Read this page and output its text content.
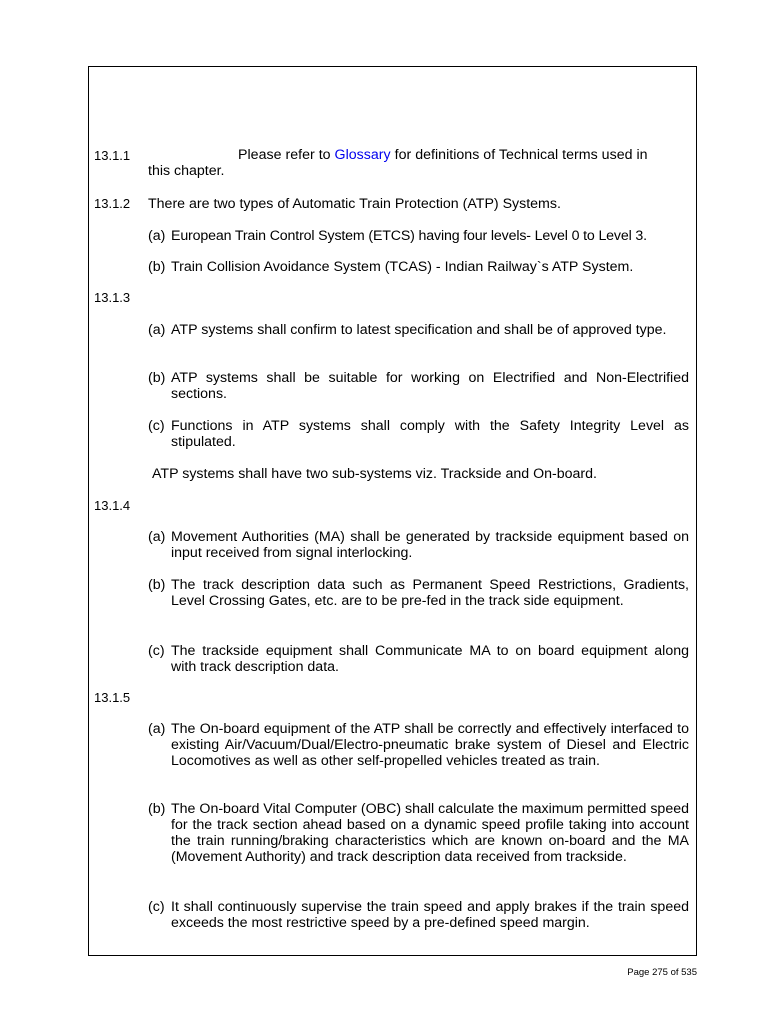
13.1.1	Please refer to Glossary for definitions of Technical terms used in
this chapter.
13.1.2 There are two types of Automatic Train Protection (ATP) Systems.
(a) European Train Control System (ETCS) having four levels- Level 0 to Level 3.
(b) Train Collision Avoidance System (TCAS) - Indian Railway`s ATP System.
13.1.3
(a) ATP systems shall confirm to latest specification and shall be of approved type.
(b) ATP systems shall be suitable for working on Electrified and Non-Electrified sections.
(c) Functions in ATP systems shall comply with the Safety Integrity Level as stipulated.
ATP systems shall have two sub-systems viz. Trackside and On-board.
13.1.4
(a) Movement Authorities (MA) shall be generated by trackside equipment based on input received from signal interlocking.
(b) The track description data such as Permanent Speed Restrictions, Gradients, Level Crossing Gates, etc. are to be pre-fed in the track side equipment.
(c) The trackside equipment shall Communicate MA to on board equipment along with track description data.
13.1.5
(a) The On-board equipment of the ATP shall be correctly and effectively interfaced to existing Air/Vacuum/Dual/Electro-pneumatic brake system of Diesel and Electric Locomotives as well as other self-propelled vehicles treated as train.
(b) The On-board Vital Computer (OBC) shall calculate the maximum permitted speed for the track section ahead based on a dynamic speed profile taking into account the train running/braking characteristics which are known on-board and the MA (Movement Authority) and track description data received from trackside.
(c) It shall continuously supervise the train speed and apply brakes if the train speed exceeds the most restrictive speed by a pre-defined speed margin.
Page 275 of 535
